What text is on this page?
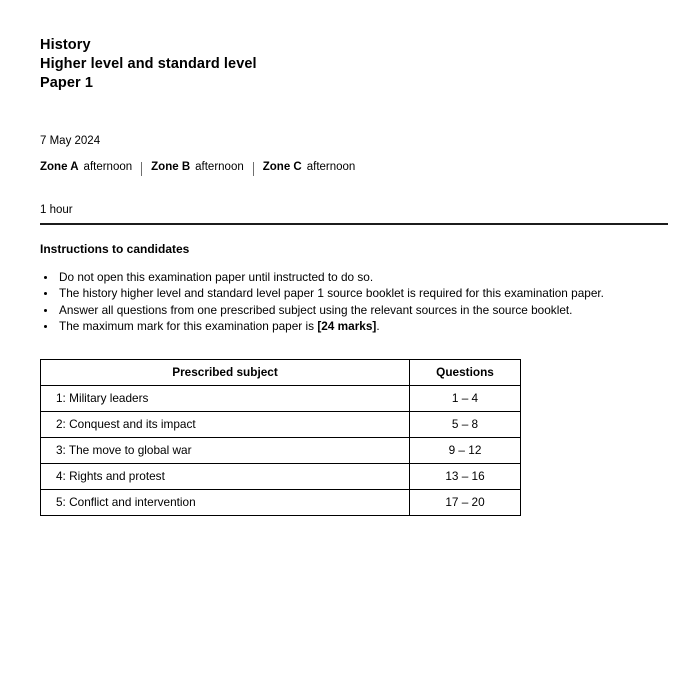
History
Higher level and standard level
Paper 1
7 May 2024
Zone A afternoon Zone B afternoon Zone C afternoon
1 hour
Instructions to candidates
Do not open this examination paper until instructed to do so.
The history higher level and standard level paper 1 source booklet is required for this examination paper.
Answer all questions from one prescribed subject using the relevant sources in the source booklet.
The maximum mark for this examination paper is [24 marks].
Prescribed subject	Questions
1: Military leaders	1 – 4
2: Conquest and its impact	5 – 8
3: The move to global war	9 – 12
4: Rights and protest	13 – 16
5: Conflict and intervention	17 – 20
